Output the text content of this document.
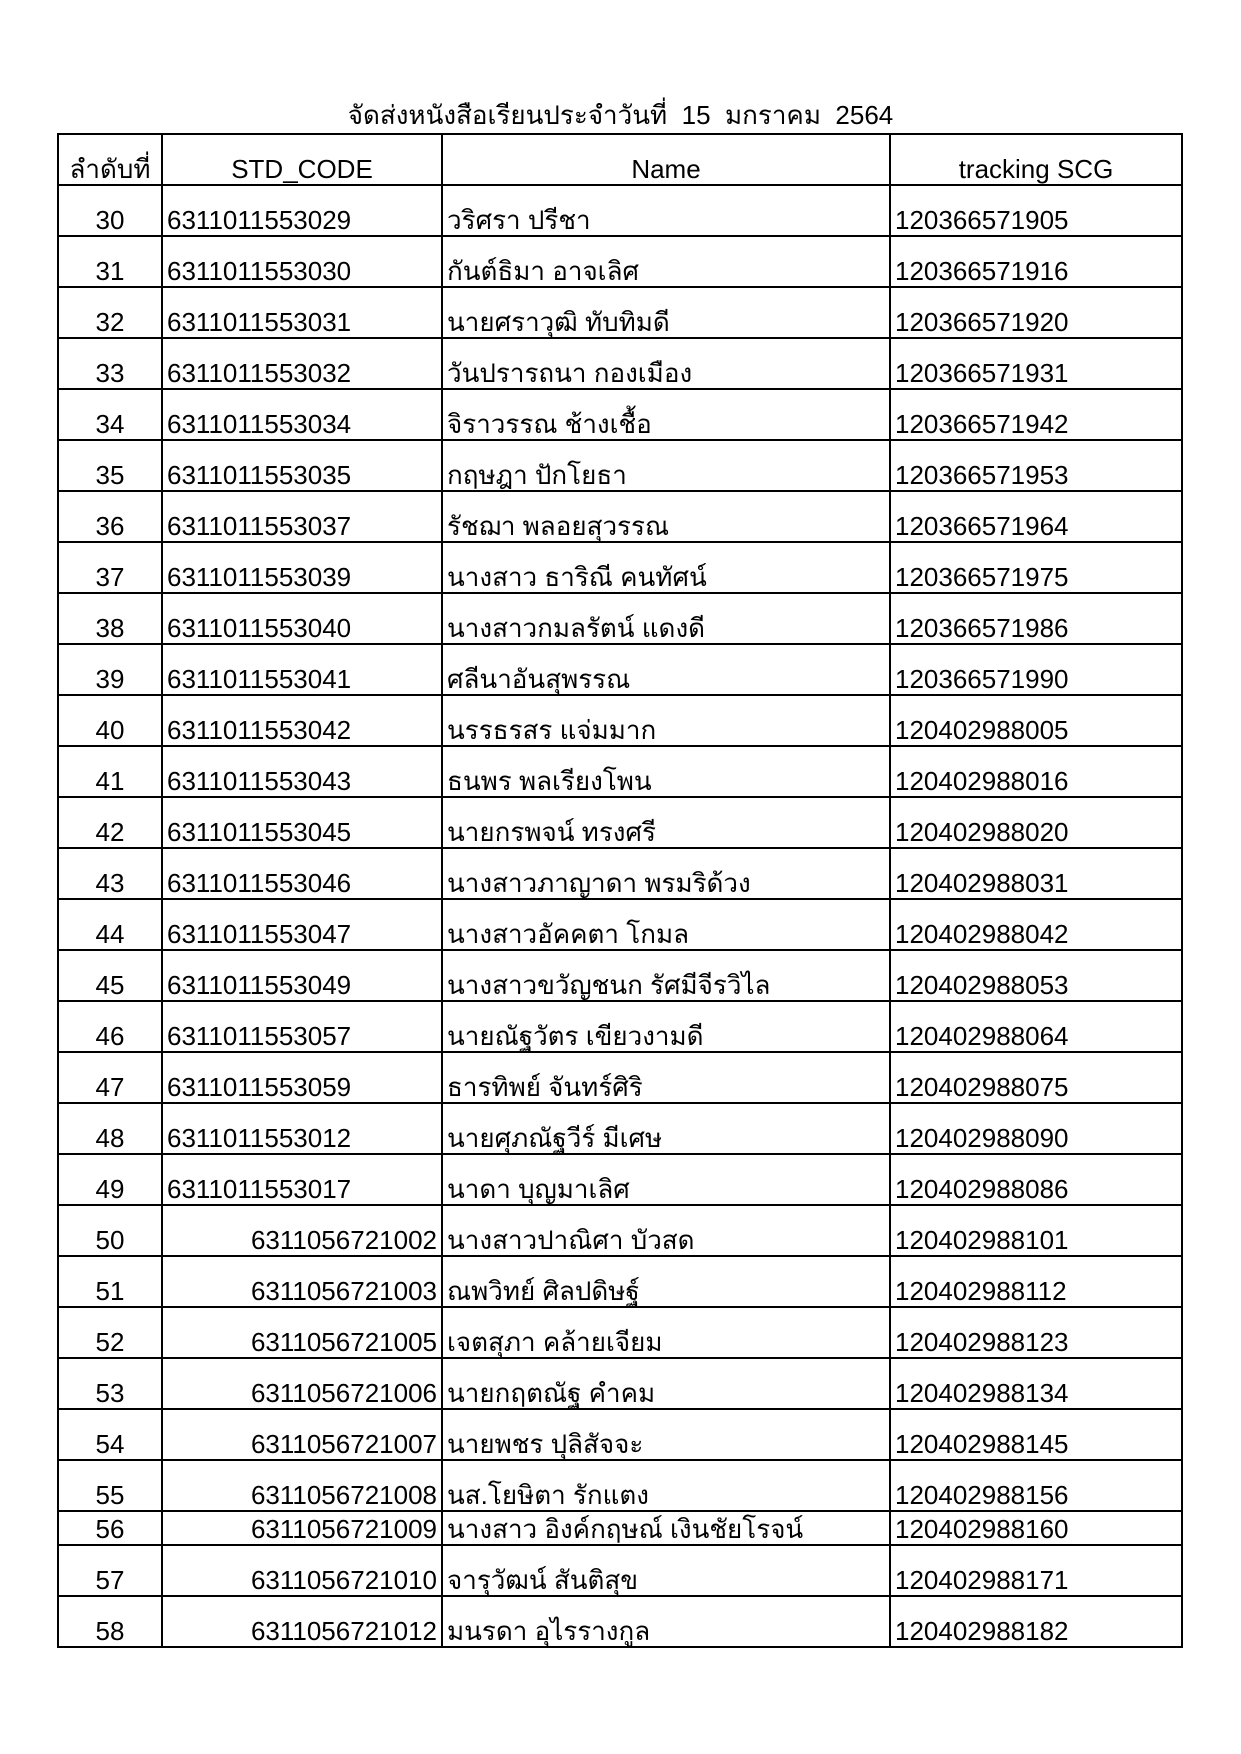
จัดส่งหนังสือเรียนประจำวันที่  15  มกราคม  2564
ลำดับที่	STD_CODE	Name	tracking SCG
30	6311011553029	วริศรา ปรีชา	120366571905
31	6311011553030	กันต์ธิมา อาจเลิศ	120366571916
32	6311011553031	นายศราวุฒิ ทับทิมดี	120366571920
33	6311011553032	วันปรารถนา กองเมือง	120366571931
34	6311011553034	จิราวรรณ ช้างเชื้อ	120366571942
35	6311011553035	กฤษฎา ปักโยธา	120366571953
36	6311011553037	รัชฌา พลอยสุวรรณ	120366571964
37	6311011553039	นางสาว ธาริณี คนทัศน์	120366571975
38	6311011553040	นางสาวกมลรัตน์ แดงดี	120366571986
39	6311011553041	ศลีนาอันสุพรรณ	120366571990
40	6311011553042	นรรธรสร แจ่มมาก	120402988005
41	6311011553043	ธนพร พลเรียงโพน	120402988016
42	6311011553045	นายกรพจน์ ทรงศรี	120402988020
43	6311011553046	นางสาวภาญาดา พรมริด้วง	120402988031
44	6311011553047	นางสาวอัคคตา โกมล	120402988042
45	6311011553049	นางสาวขวัญชนก รัศมีจีรวิไล	120402988053
46	6311011553057	นายณัฐวัตร เขียวงามดี	120402988064
47	6311011553059	ธารทิพย์ จันทร์ศิริ	120402988075
48	6311011553012	นายศุภณัฐวีร์ มีเศษ	120402988090
49	6311011553017	นาดา บุญมาเลิศ	120402988086
50	6311056721002	นางสาวปาณิศา บัวสด	120402988101
51	6311056721003	ณพวิทย์ ศิลปดิษฐ์	120402988112
52	6311056721005	เจตสุภา คล้ายเจียม	120402988123
53	6311056721006	นายกฤตณัฐ คำคม	120402988134
54	6311056721007	นายพชร ปุลิสัจจะ	120402988145
55	6311056721008	นส.โยษิตา รักแตง	120402988156
56	6311056721009	นางสาว อิงค์กฤษณ์ เงินชัยโรจน์	120402988160
57	6311056721010	จารุวัฒน์ สันติสุข	120402988171
58	6311056721012	มนรดา อุไรรางกูล	120402988182
